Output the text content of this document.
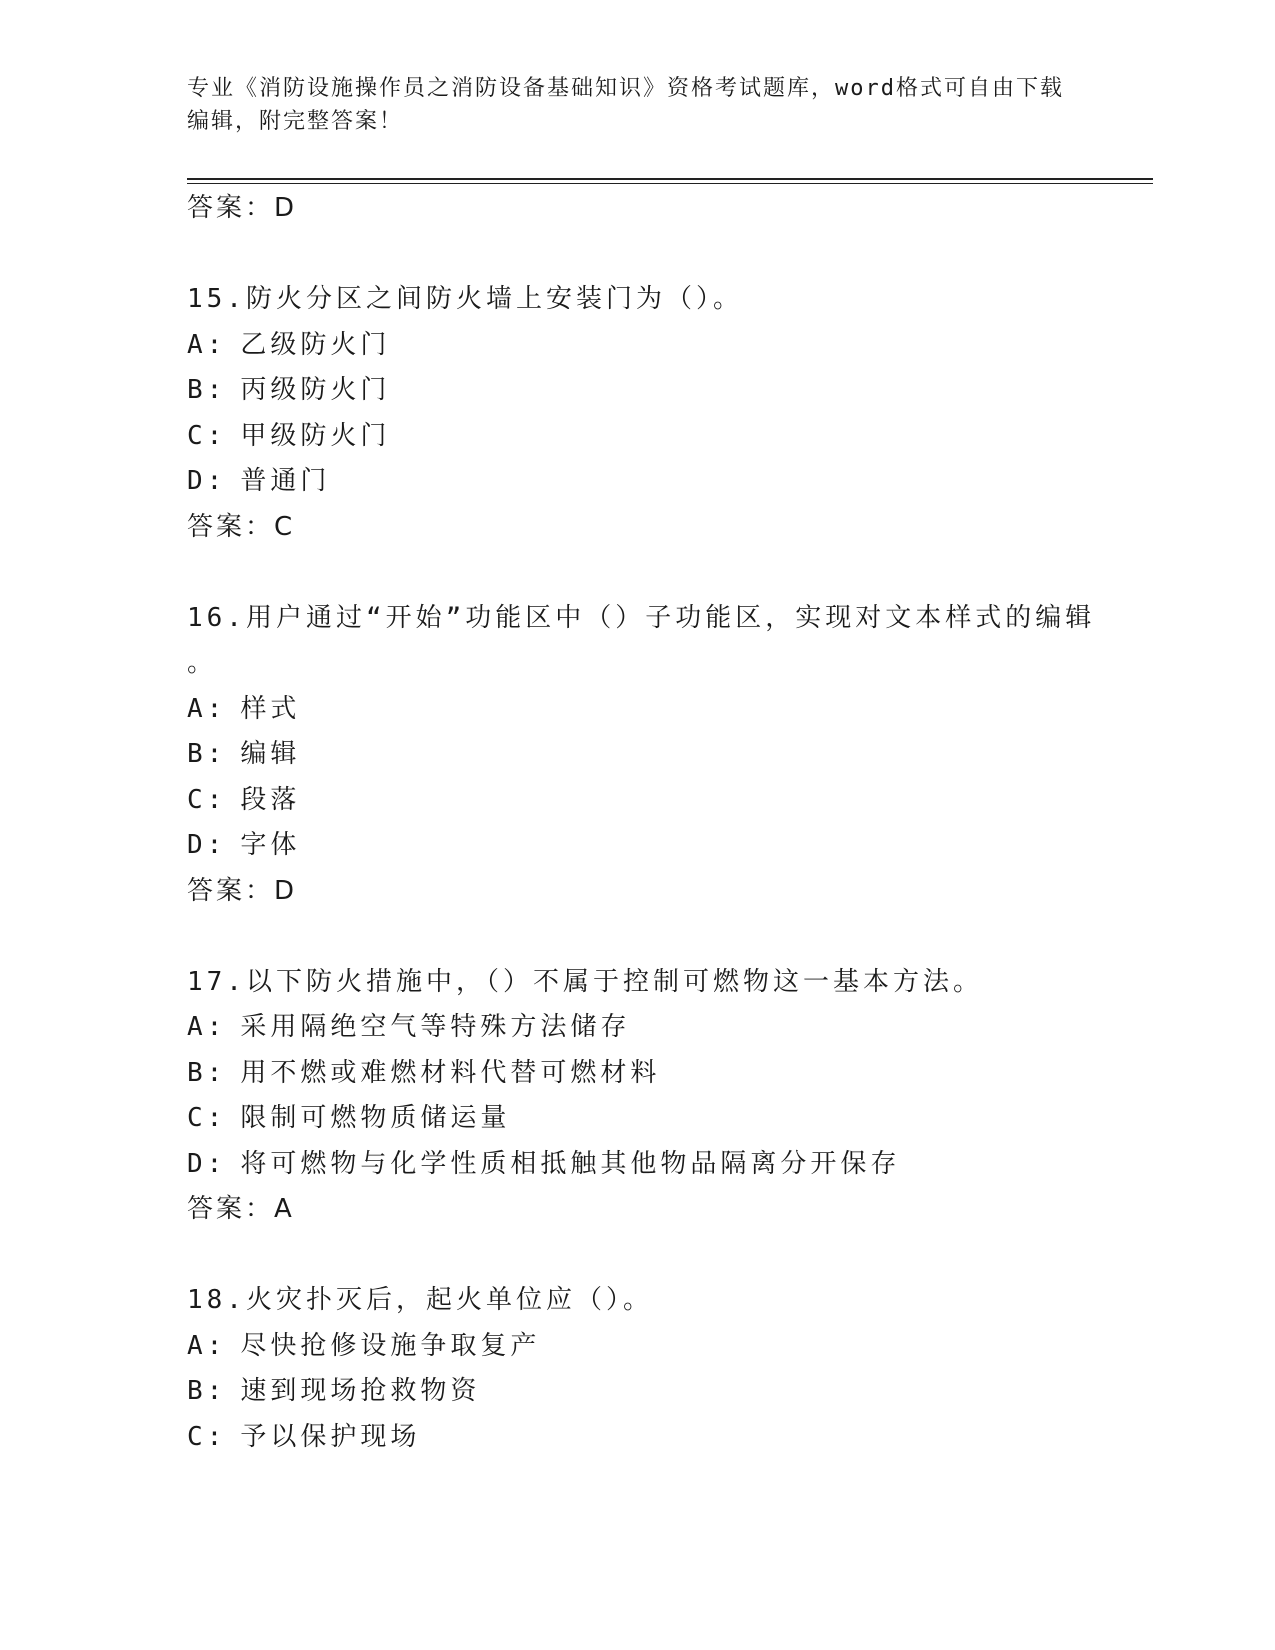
专业《消防设施操作员之消防设备基础知识》资格考试题库，word格式可自由下载编辑，附完整答案！
答案：D
15.防火分区之间防火墙上安装门为（）。
A: 乙级防火门
B: 丙级防火门
C: 甲级防火门
D: 普通门
答案：C
16.用户通过“开始”功能区中（）子功能区，实现对文本样式的编辑
。
A: 样式
B: 编辑
C: 段落
D: 字体
答案：D
17.以下防火措施中，（）不属于控制可燃物这一基本方法。
A: 采用隔绝空气等特殊方法储存
B: 用不燃或难燃材料代替可燃材料
C: 限制可燃物质储运量
D: 将可燃物与化学性质相抵触其他物品隔离分开保存
答案：A
18.火灾扑灭后，起火单位应（）。
A: 尽快抢修设施争取复产
B: 速到现场抢救物资
C: 予以保护现场
